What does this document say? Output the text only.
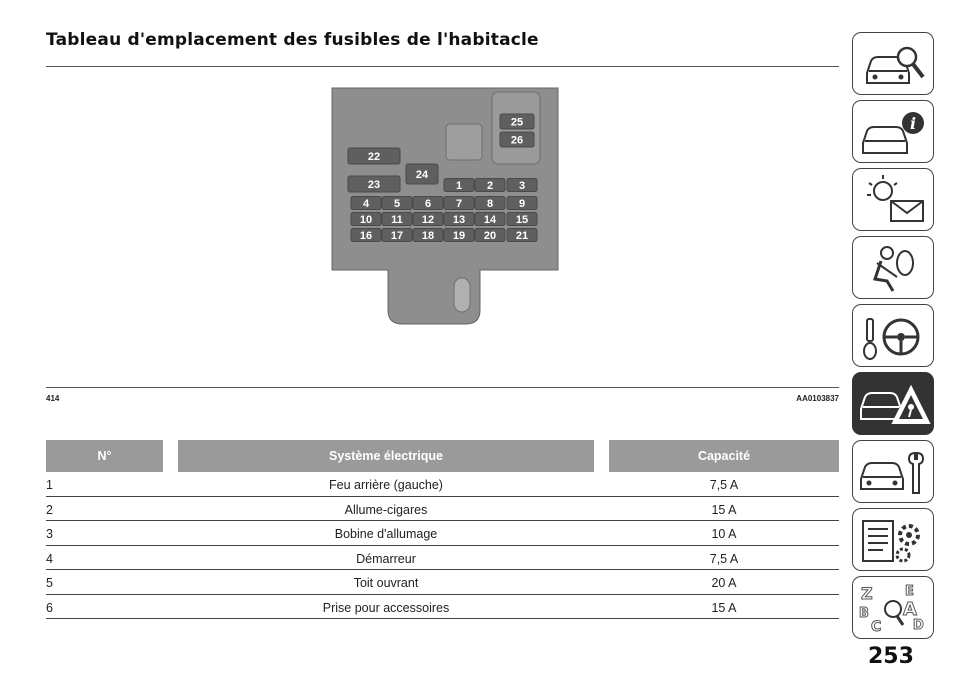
Tableau d'emplacement des fusibles de l'habitacle
1 2 3
4 5 6 7 8 9
10 11 12 13 14 15
16 17 18 19 20 21
22
23
24
25
26
414	AA0103837
N°	Système électrique	Capacité
1	Feu arrière (gauche)	7,5 A
2	Allume-cigares	15 A
3	Bobine d'allumage	10 A
4	Démarreur	7,5 A
5	Toit ouvrant	20 A
6	Prise pour accessoires	15 A
i
Z E
B A
C D
253
